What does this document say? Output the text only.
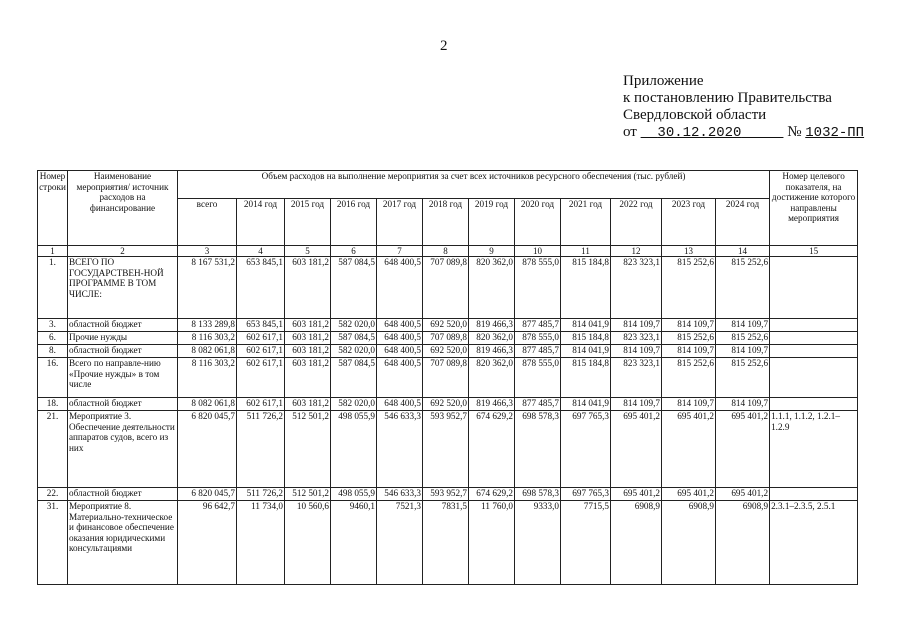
2
Приложение
к постановлению Правительства
Свердловской области
от 30.12.2020	№ 1032-ПП
Номер строки	Наименование мероприятия/ источник расходов на финансирование	Объем расходов на выполнение мероприятия за счет всех источников ресурсного обеспечения (тыс. рублей)												Номер целевого показателя, на достижение которого направлены мероприятия
		всего	2014 год	2015 год	2016 год	2017 год	2018 год	2019 год	2020 год	2021 год	2022 год	2023 год	2024 год	
1	2	3	4	5	6	7	8	9	10	11	12	13	14	15
1.	ВСЕГО ПО ГОСУДАРСТВЕН-НОЙ ПРОГРАММЕ В ТОМ ЧИСЛЕ:	8 167 531,2	653 845,1	603 181,2	587 084,5	648 400,5	707 089,8	820 362,0	878 555,0	815 184,8	823 323,1	815 252,6	815 252,6	
3.	областной бюджет	8 133 289,8	653 845,1	603 181,2	582 020,0	648 400,5	692 520,0	819 466,3	877 485,7	814 041,9	814 109,7	814 109,7	814 109,7	
6.	Прочие нужды	8 116 303,2	602 617,1	603 181,2	587 084,5	648 400,5	707 089,8	820 362,0	878 555,0	815 184,8	823 323,1	815 252,6	815 252,6	
8.	областной бюджет	8 082 061,8	602 617,1	603 181,2	582 020,0	648 400,5	692 520,0	819 466,3	877 485,7	814 041,9	814 109,7	814 109,7	814 109,7	
16.	Всего по направле-нию «Прочие нужды» в том числе	8 116 303,2	602 617,1	603 181,2	587 084,5	648 400,5	707 089,8	820 362,0	878 555,0	815 184,8	823 323,1	815 252,6	815 252,6	
18.	областной бюджет	8 082 061,8	602 617,1	603 181,2	582 020,0	648 400,5	692 520,0	819 466,3	877 485,7	814 041,9	814 109,7	814 109,7	814 109,7	
21.	Мероприятие 3. Обеспечение деятельности аппаратов судов, всего из них	6 820 045,7	511 726,2	512 501,2	498 055,9	546 633,3	593 952,7	674 629,2	698 578,3	697 765,3	695 401,2	695 401,2	695 401,2	1.1.1, 1.1.2, 1.2.1–1.2.9
22.	областной бюджет	6 820 045,7	511 726,2	512 501,2	498 055,9	546 633,3	593 952,7	674 629,2	698 578,3	697 765,3	695 401,2	695 401,2	695 401,2	
31.	Мероприятие 8. Материально-техническое и финансовое обеспечение оказания юридическими консультациями	96 642,7	11 734,0	10 560,6	9460,1	7521,3	7831,5	11 760,0	9333,0	7715,5	6908,9	6908,9	6908,9	2.3.1–2.3.5, 2.5.1
